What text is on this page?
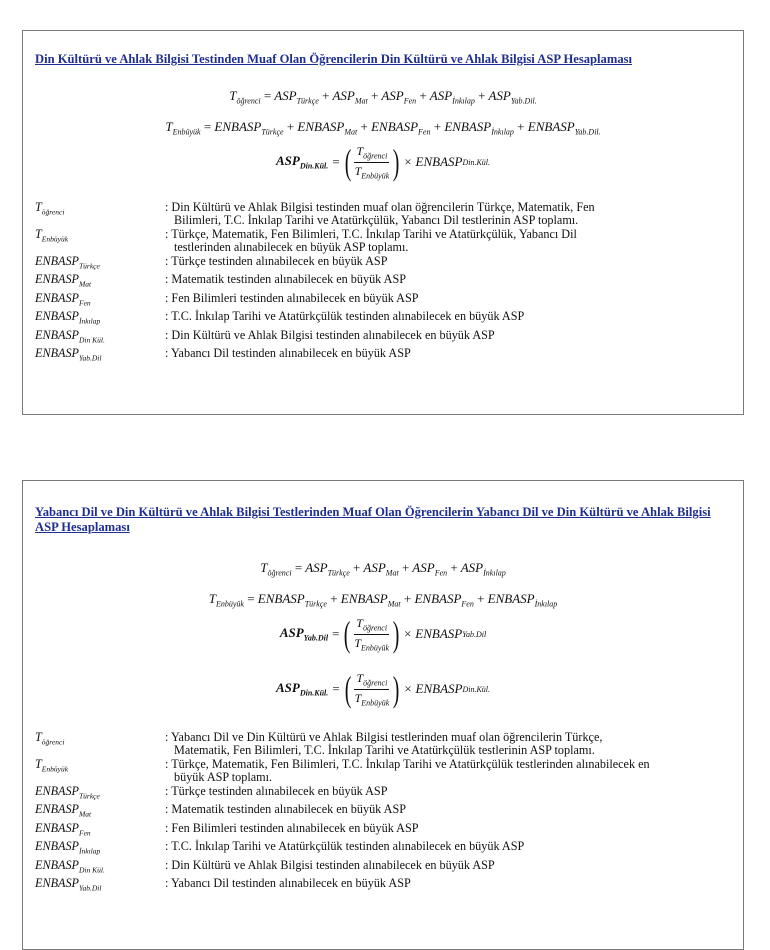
Din Kültürü ve Ahlak Bilgisi Testinden Muaf Olan Öğrencilerin Din Kültürü ve Ahlak Bilgisi ASP Hesaplaması
$T_{öğrenci} = ASP_{Türkçe} + ASP_{Mat} + ASP_{Fen} + ASP_{İnkılap} + ASP_{Yab.Dil.}$
$T_{Enbüyük}$ = $ENBASP_{Türkçe}$ + $ENBASP_{Mat}$ + $ENBASP_{Fen}$ + $ENBASP_{İnkılap}$ + $ENBASP_{Yab.Dil.}$
$ASP_{Din.Kül.}$ = ( $\frac{T_{öğrenci}}{T_{Enbüyük}}$ ) × ENBASP Din.Kül.
$T_{öğrenci}$	: Din Kültürü ve Ahlak Bilgisi testinden muaf olan öğrencilerin Türkçe, Matematik, Fen
Bilimleri, T.C. İnkılap Tarihi ve Atatürkçülük, Yabancı Dil testlerinin ASP toplamı.
$T_{Enbüyük}$	: Türkçe, Matematik, Fen Bilimleri, T.C. İnkılap Tarihi ve Atatürkçülük, Yabancı Dil
testlerinden alınabilecek en büyük ASP toplamı.
$ENBASP_{Türkçe}$	: Türkçe testinden alınabilecek en büyük ASP
$ENBASP_{Mat}$	: Matematik testinden alınabilecek en büyük ASP
$ENBASP_{Fen}$	: Fen Bilimleri testinden alınabilecek en büyük ASP
$ENBASP_{İnkılap}$	: T.C. İnkılap Tarihi ve Atatürkçülük testinden alınabilecek en büyük ASP
$ENBASP_{Din Kül.}$	: Din Kültürü ve Ahlak Bilgisi testinden alınabilecek en büyük ASP
$ENBASP_{Yab.Dil}$	: Yabancı Dil testinden alınabilecek en büyük ASP
Yabancı Dil ve Din Kültürü ve Ahlak Bilgisi Testlerinden Muaf Olan Öğrencilerin Yabancı Dil ve Din Kültürü ve Ahlak Bilgisi ASP Hesaplaması
$T_{öğrenci} = ASP_{Türkçe} + ASP_{Mat} + ASP_{Fen} + ASP_{İnkılap}$
$T_{Enbüyük}$ = $ENBASP_{Türkçe}$ + $ENBASP_{Mat}$ + $ENBASP_{Fen}$ + $ENBASP_{İnkılap}$
$ASP_{Yab.Dil}$ = ( $\frac{T_{öğrenci}}{T_{Enbüyük}}$ ) × ENBASP Yab.Dil
$ASP_{Din.Kül.}$ = ( $\frac{T_{öğrenci}}{T_{Enbüyük}}$ ) × ENBASP Din.Kül.
$T_{öğrenci}$	: Yabancı Dil ve Din Kültürü ve Ahlak Bilgisi testlerinden muaf olan öğrencilerin Türkçe,
Matematik, Fen Bilimleri, T.C. İnkılap Tarihi ve Atatürkçülük testlerinin ASP toplamı.
$T_{Enbüyük}$	: Türkçe, Matematik, Fen Bilimleri, T.C. İnkılap Tarihi ve Atatürkçülük testlerinden alınabilecek en
büyük ASP toplamı.
$ENBASP_{Türkçe}$	: Türkçe testinden alınabilecek en büyük ASP
$ENBASP_{Mat}$	: Matematik testinden alınabilecek en büyük ASP
$ENBASP_{Fen}$	: Fen Bilimleri testinden alınabilecek en büyük ASP
$ENBASP_{İnkılap}$	: T.C. İnkılap Tarihi ve Atatürkçülük testinden alınabilecek en büyük ASP
$ENBASP_{Din Kül.}$	: Din Kültürü ve Ahlak Bilgisi testinden alınabilecek en büyük ASP
$ENBASP_{Yab.Dil}$	: Yabancı Dil testinden alınabilecek en büyük ASP
